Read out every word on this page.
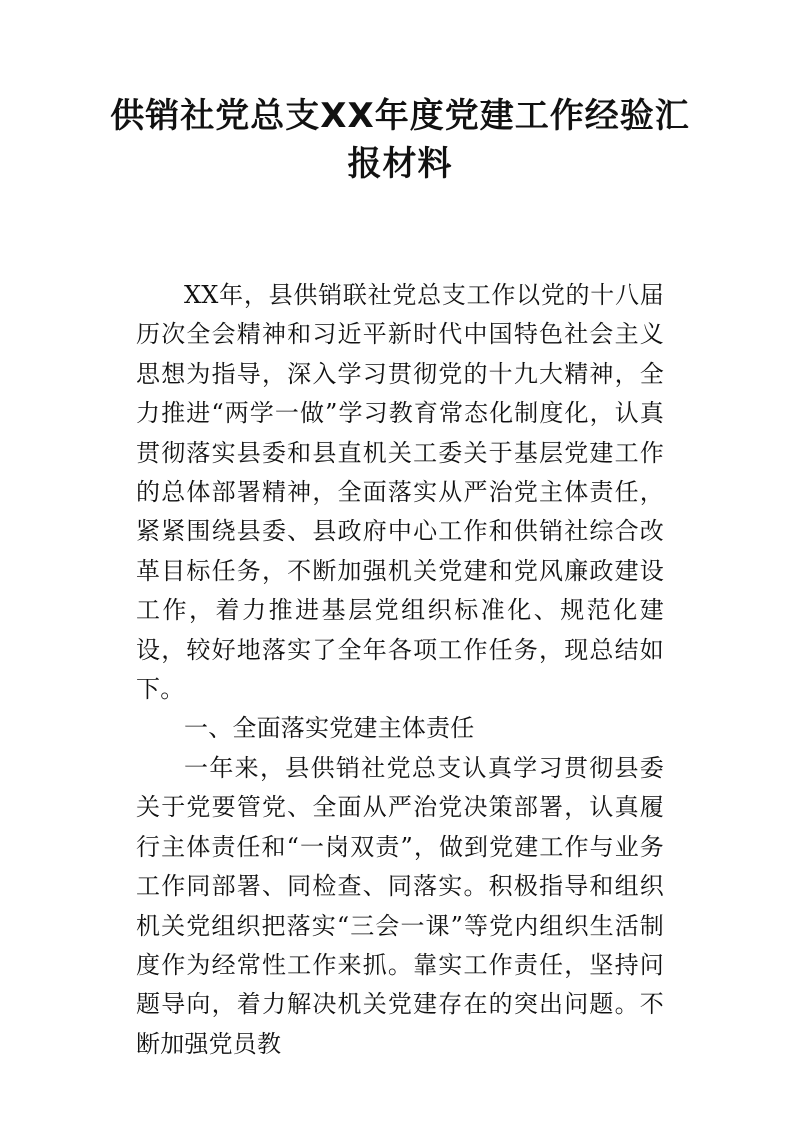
供销社党总支XX年度党建工作经验汇报材料

XX年，县供销联社党总支工作以党的十八届历次全会精神和习近平新时代中国特色社会主义思想为指导，深入学习贯彻党的十九大精神，全力推进“两学一做”学习教育常态化制度化，认真贯彻落实县委和县直机关工委关于基层党建工作的总体部署精神，全面落实从严治党主体责任，紧紧围绕县委、县政府中心工作和供销社综合改革目标任务，不断加强机关党建和党风廉政建设工作，着力推进基层党组织标准化、规范化建设，较好地落实了全年各项工作任务，现总结如下。

一、全面落实党建主体责任

一年来，县供销社党总支认真学习贯彻县委关于党要管党、全面从严治党决策部署，认真履行主体责任和“一岗双责”，做到党建工作与业务工作同部署、同检查、同落实。积极指导和组织机关党组织把落实“三会一课”等党内组织生活制度作为经常性工作来抓。靠实工作责任，坚持问题导向，着力解决机关党建存在的突出问题。不断加强党员教
